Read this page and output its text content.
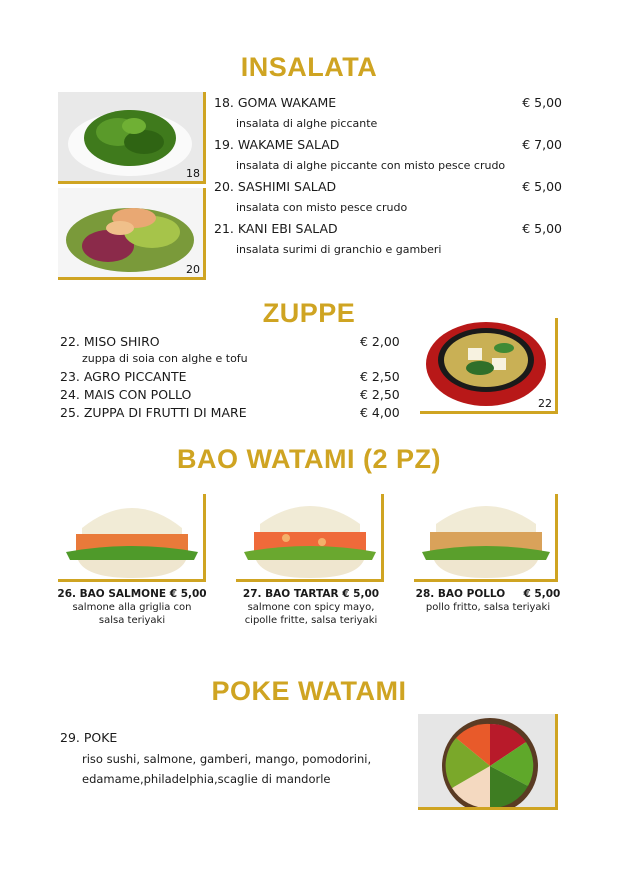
INSALATA
18
20
18. GOMA WAKAME	€ 5,00
insalata di alghe piccante
19. WAKAME SALAD	€ 7,00
insalata di alghe piccante con misto pesce crudo
20. SASHIMI SALAD	€ 5,00
insalata con misto pesce crudo
21. KANI EBI SALAD	€ 5,00
insalata surimi di granchio e gamberi
ZUPPE
22. MISO SHIRO	€ 2,00
zuppa di soia con alghe e tofu
23. AGRO PICCANTE	€ 2,50
24. MAIS CON POLLO	€ 2,50
25. ZUPPA DI FRUTTI DI MARE	€ 4,00
22
BAO WATAMI (2 PZ)
26. BAO SALMONE € 5,00
salmone alla griglia con
salsa teriyaki
27. BAO TARTAR € 5,00
salmone con spicy mayo,
cipolle fritte, salsa teriyaki
28. BAO POLLO     € 5,00
pollo fritto, salsa teriyaki
POKE WATAMI
29. POKE
riso sushi, salmone, gamberi, mango, pomodorini,
edamame,philadelphia,scaglie di mandorle
